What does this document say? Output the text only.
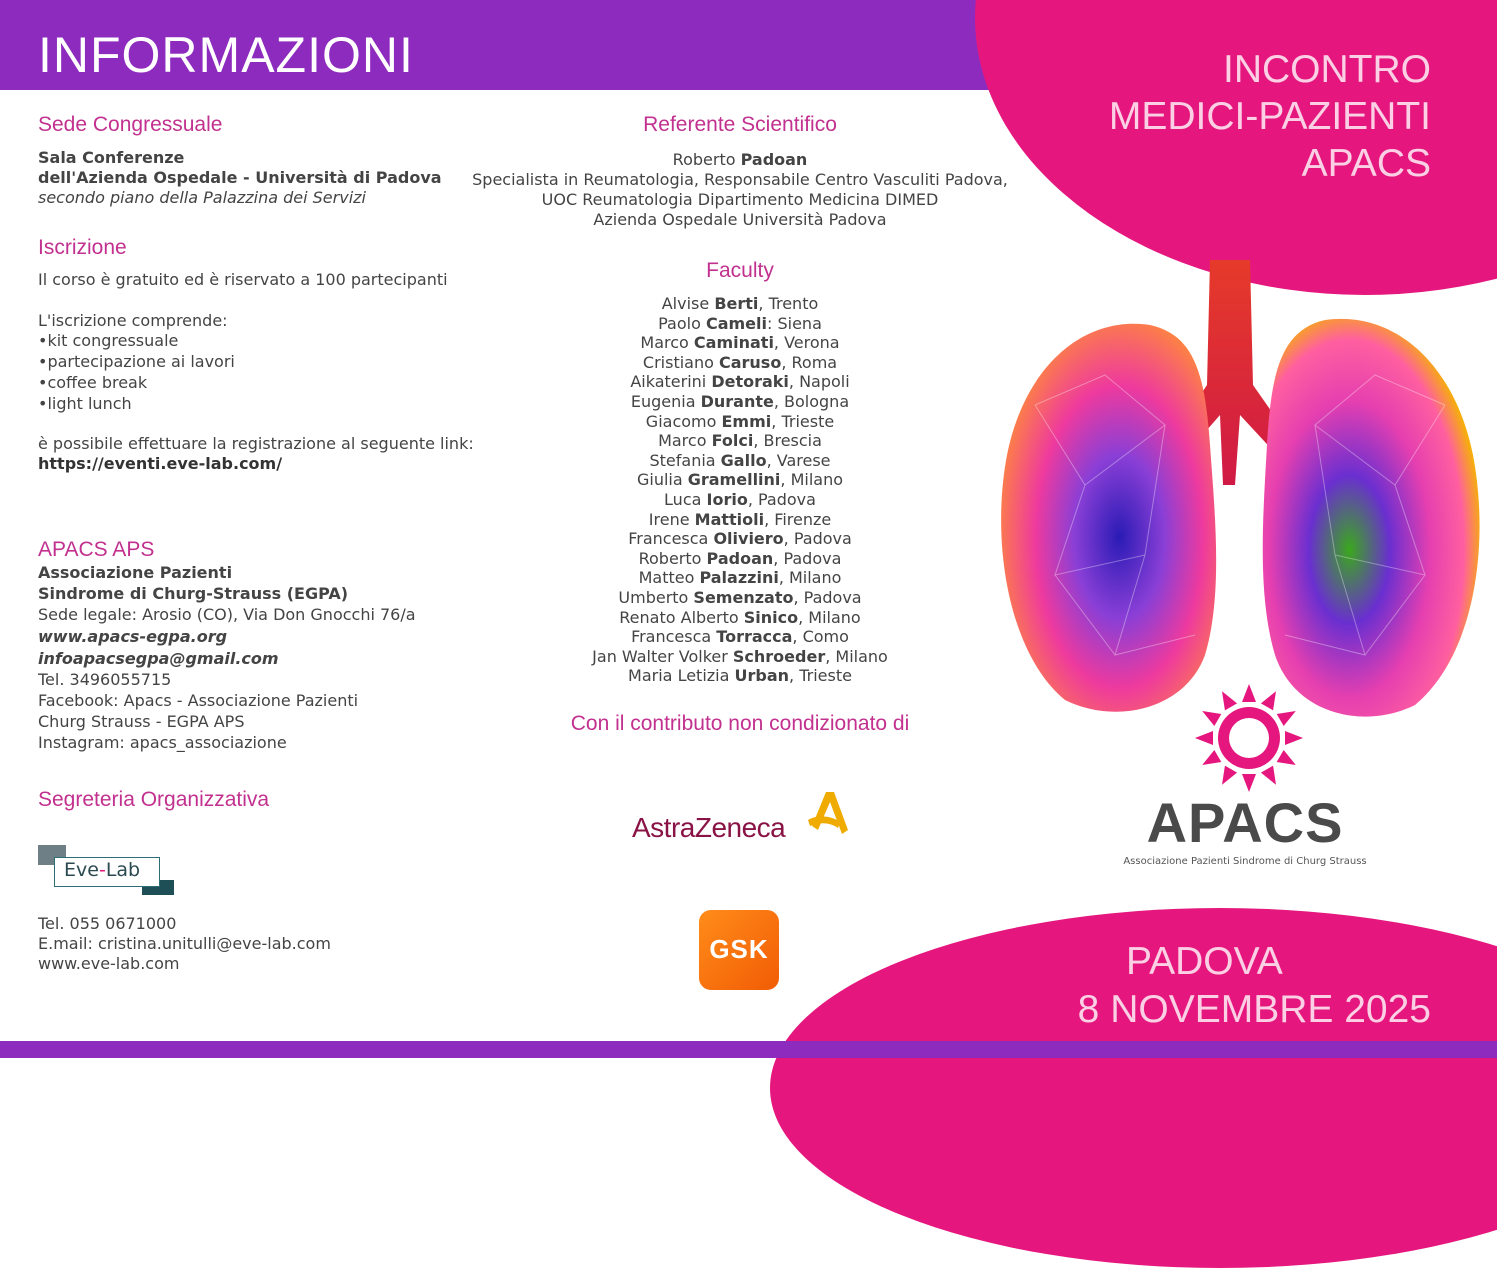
INFORMAZIONI	INCONTRO
MEDICI-PAZIENTI
APACS
APACS
Associazione Pazienti Sindrome di Churg Strauss
PADOVA
8 NOVEMBRE 2025
Sede Congressuale
Sala Conferenze
dell'Azienda Ospedale - Università di Padova
secondo piano della Palazzina dei Servizi
Iscrizione
Il corso è gratuito ed è riservato a 100 partecipanti
L'iscrizione comprende:
•kit congressuale
•partecipazione ai lavori
•coffee break
•light lunch
è possibile effettuare la registrazione al seguente link:
https://eventi.eve-lab.com/
APACS APS
Associazione Pazienti
Sindrome di Churg-Strauss (EGPA)
Sede legale: Arosio (CO), Via Don Gnocchi 76/a
www.apacs-egpa.org
infoapacsegpa@gmail.com
Tel. 3496055715
Facebook: Apacs - Associazione Pazienti
Churg Strauss - EGPA APS
Instagram: apacs_associazione
Segreteria Organizzativa
Eve-Lab
Tel. 055 0671000
E.mail: cristina.unitulli@eve-lab.com
www.eve-lab.com
Referente Scientifico
Roberto Padoan
Specialista in Reumatologia, Responsabile Centro Vasculiti Padova,
UOC Reumatologia Dipartimento Medicina DIMED
Azienda Ospedale Università Padova
Faculty
Alvise Berti, Trento
Paolo Cameli: Siena
Marco Caminati, Verona
Cristiano Caruso, Roma
Aikaterini Detoraki, Napoli
Eugenia Durante, Bologna
Giacomo Emmi, Trieste
Marco Folci, Brescia
Stefania Gallo, Varese
Giulia Gramellini, Milano
Luca Iorio, Padova
Irene Mattioli, Firenze
Francesca Oliviero, Padova
Roberto Padoan, Padova
Matteo Palazzini, Milano
Umberto Semenzato, Padova
Renato Alberto Sinico, Milano
Francesca Torracca, Como
Jan Walter Volker Schroeder, Milano
Maria Letizia Urban, Trieste
Con il contributo non condizionato di
AstraZeneca
GSK
